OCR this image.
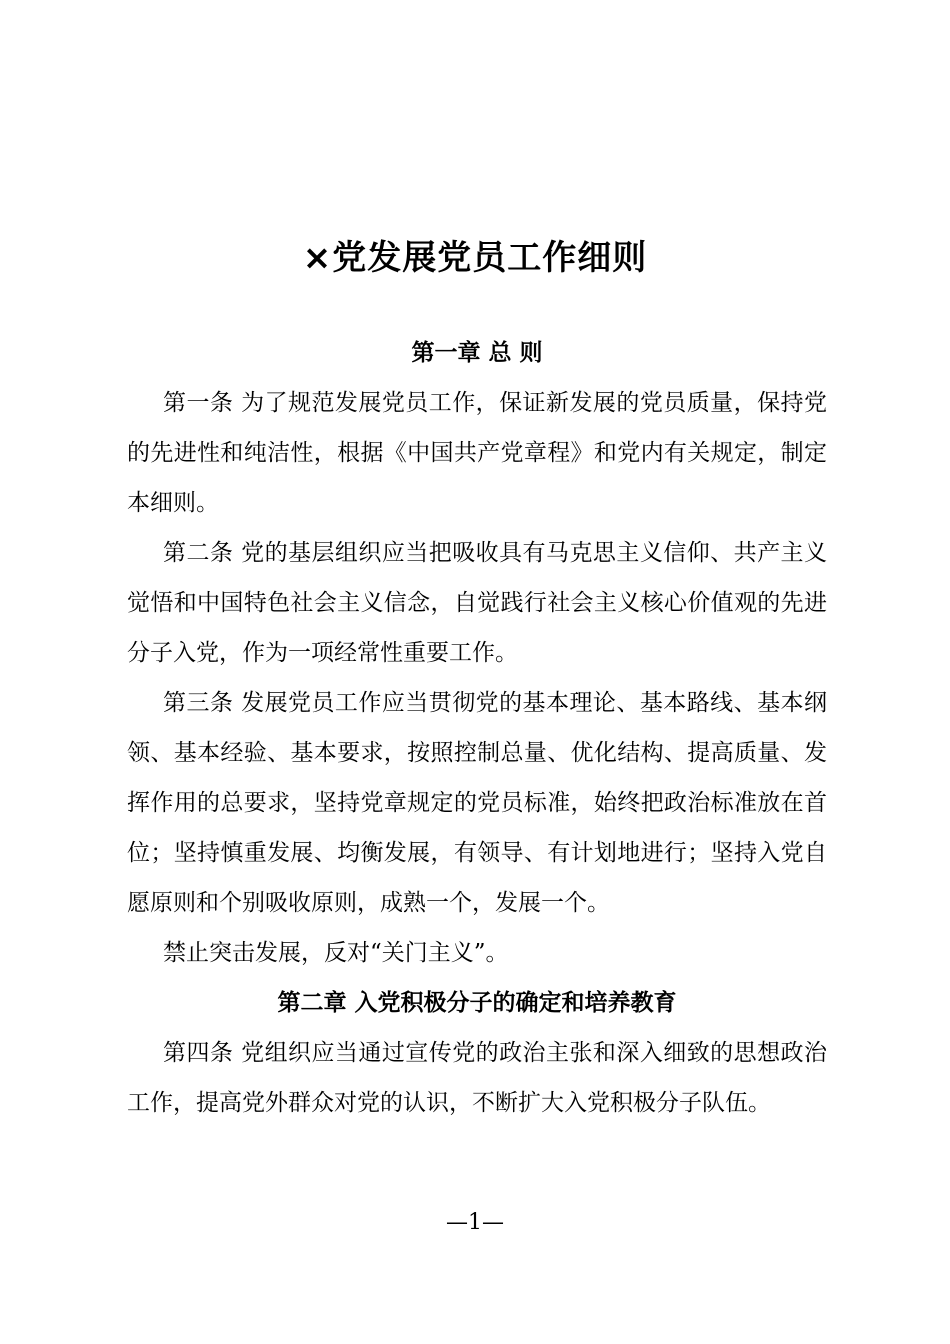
×党发展党员工作细则
第一章 总 则

第一条 为了规范发展党员工作，保证新发展的党员质量，保持党的先进性和纯洁性，根据《中国共产党章程》和党内有关规定，制定本细则。

第二条 党的基层组织应当把吸收具有马克思主义信仰、共产主义觉悟和中国特色社会主义信念，自觉践行社会主义核心价值观的先进分子入党，作为一项经常性重要工作。

第三条 发展党员工作应当贯彻党的基本理论、基本路线、基本纲领、基本经验、基本要求，按照控制总量、优化结构、提高质量、发挥作用的总要求，坚持党章规定的党员标准，始终把政治标准放在首位；坚持慎重发展、均衡发展，有领导、有计划地进行；坚持入党自愿原则和个别吸收原则，成熟一个，发展一个。

禁止突击发展，反对“关门主义”。

第二章 入党积极分子的确定和培养教育

第四条 党组织应当通过宣传党的政治主张和深入细致的思想政治工作，提高党外群众对党的认识，不断扩大入党积极分子队伍。

—1—
